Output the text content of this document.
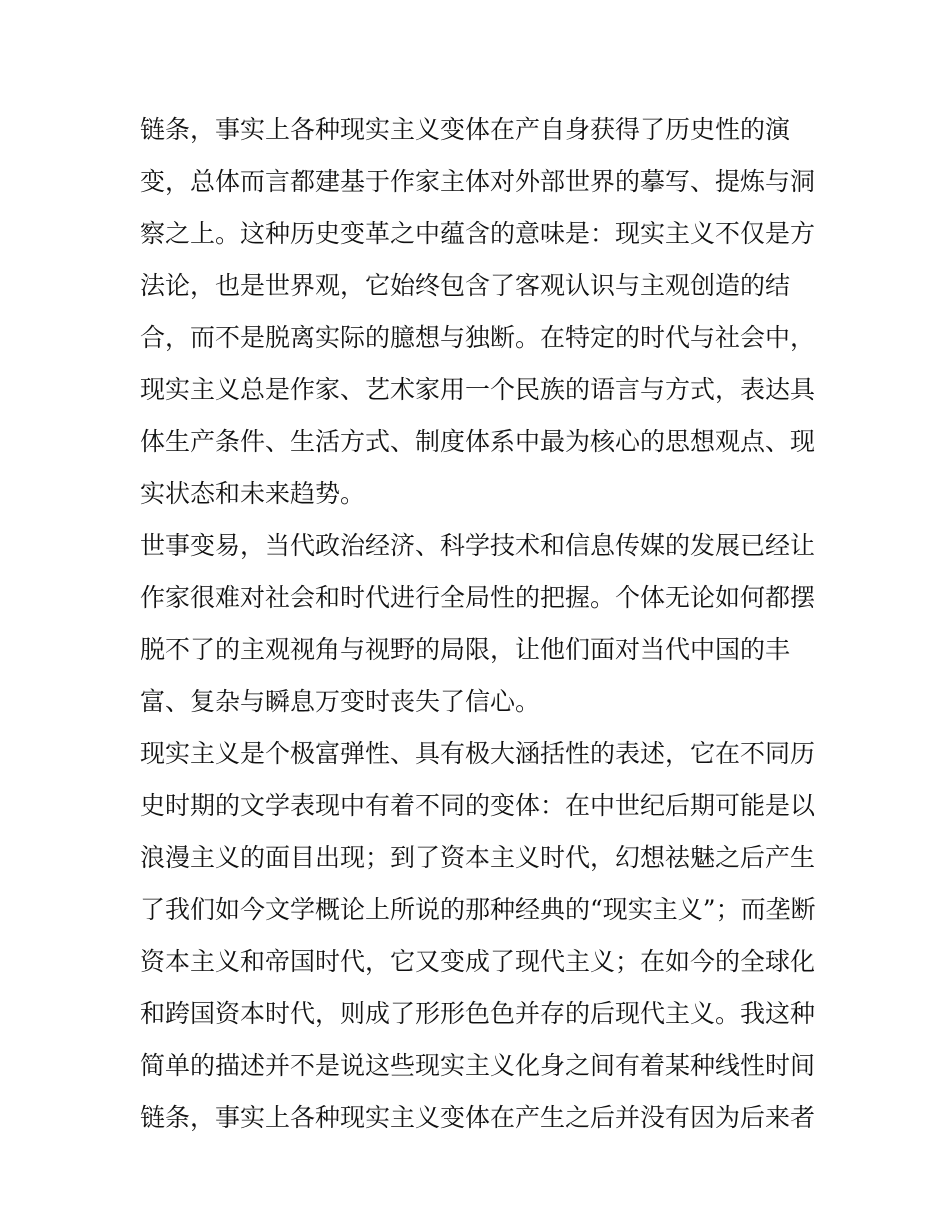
链条，事实上各种现实主义变体在产自身获得了历史性的演
变，总体而言都建基于作家主体对外部世界的摹写、提炼与洞
察之上。这种历史变革之中蕴含的意味是：现实主义不仅是方
法论，也是世界观，它始终包含了客观认识与主观创造的结
合，而不是脱离实际的臆想与独断。在特定的时代与社会中，
现实主义总是作家、艺术家用一个民族的语言与方式，表达具
体生产条件、生活方式、制度体系中最为核心的思想观点、现
实状态和未来趋势。
世事变易，当代政治经济、科学技术和信息传媒的发展已经让
作家很难对社会和时代进行全局性的把握。个体无论如何都摆
脱不了的主观视角与视野的局限，让他们面对当代中国的丰
富、复杂与瞬息万变时丧失了信心。
现实主义是个极富弹性、具有极大涵括性的表述，它在不同历
史时期的文学表现中有着不同的变体：在中世纪后期可能是以
浪漫主义的面目出现；到了资本主义时代，幻想祛魅之后产生
了我们如今文学概论上所说的那种经典的“现实主义”；而垄断
资本主义和帝国时代，它又变成了现代主义；在如今的全球化
和跨国资本时代，则成了形形色色并存的后现代主义。我这种
简单的描述并不是说这些现实主义化身之间有着某种线性时间
链条，事实上各种现实主义变体在产生之后并没有因为后来者
